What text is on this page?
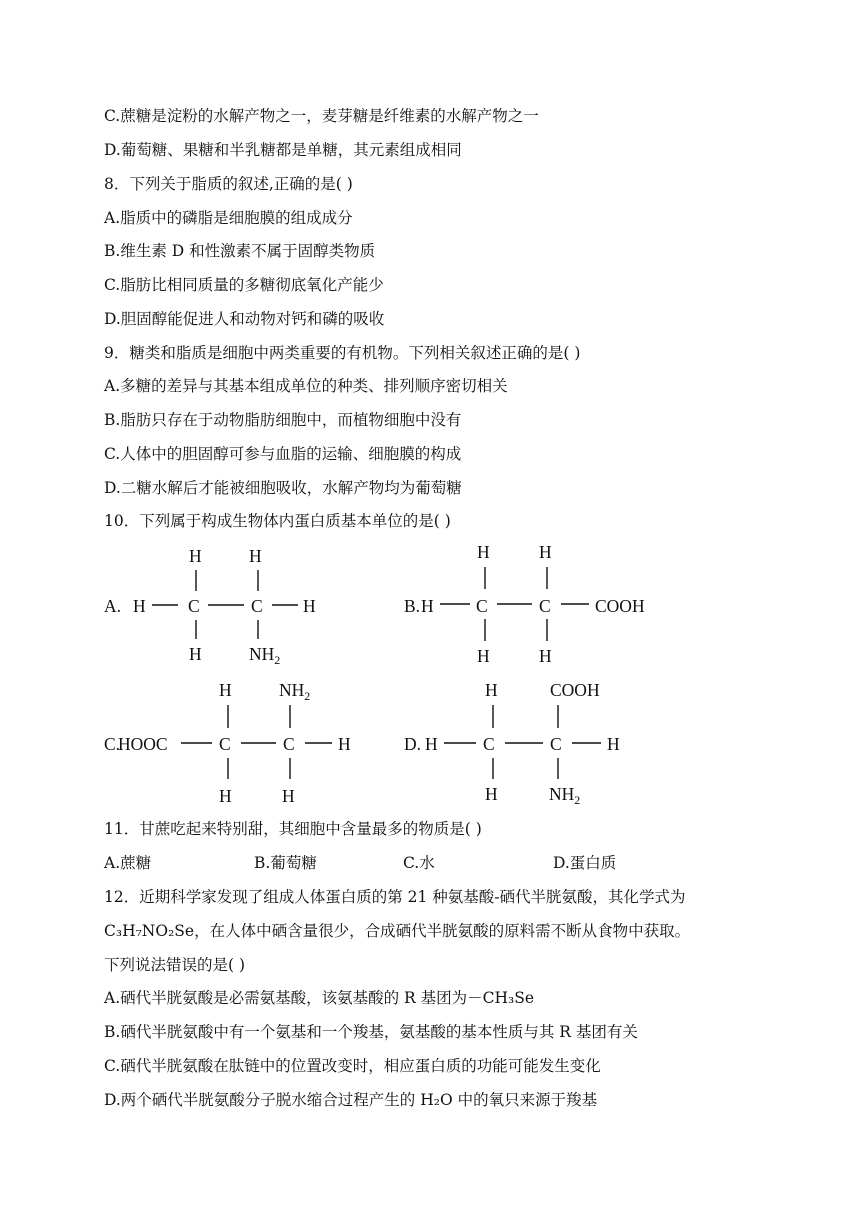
C.蔗糖是淀粉的水解产物之一，麦芽糖是纤维素的水解产物之一
D.葡萄糖、果糖和半乳糖都是单糖，其元素组成相同
8．下列关于脂质的叙述,正确的是( )
A.脂质中的磷脂是细胞膜的组成成分
B.维生素 D 和性激素不属于固醇类物质
C.脂肪比相同质量的多糖彻底氧化产能少
D.胆固醇能促进人和动物对钙和磷的吸收
9．糖类和脂质是细胞中两类重要的有机物。下列相关叙述正确的是( )
A.多糖的差异与其基本组成单位的种类、排列顺序密切相关
B.脂肪只存在于动物脂肪细胞中，而植物细胞中没有
C.人体中的胆固醇可参与血脂的运输、细胞膜的构成
D.二糖水解后才能被细胞吸收，水解产物均为葡萄糖
10．下列属于构成生物体内蛋白质基本单位的是( )
A. H C	C H
H	H
H	$NH_2$
B. H C	C	COOH
H	H
H	H
C.
HOOC	C	C H
H	$NH_2$
H	H
D. H	C	C	H
H	COOH
H	$NH_2$
11．甘蔗吃起来特别甜，其细胞中含量最多的物质是( )
A.蔗糖	B.葡萄糖	C.水	D.蛋白质
12．近期科学家发现了组成人体蛋白质的第 21 种氨基酸-硒代半胱氨酸，其化学式为
C₃H₇NO₂Se，在人体中硒含量很少，合成硒代半胱氨酸的原料需不断从食物中获取。
下列说法错误的是( )
A.硒代半胱氨酸是必需氨基酸，该氨基酸的 R 基团为－CH₃Se
B.硒代半胱氨酸中有一个氨基和一个羧基，氨基酸的基本性质与其 R 基团有关
C.硒代半胱氨酸在肽链中的位置改变时，相应蛋白质的功能可能发生变化
D.两个硒代半胱氨酸分子脱水缩合过程产生的 H₂O 中的氧只来源于羧基
